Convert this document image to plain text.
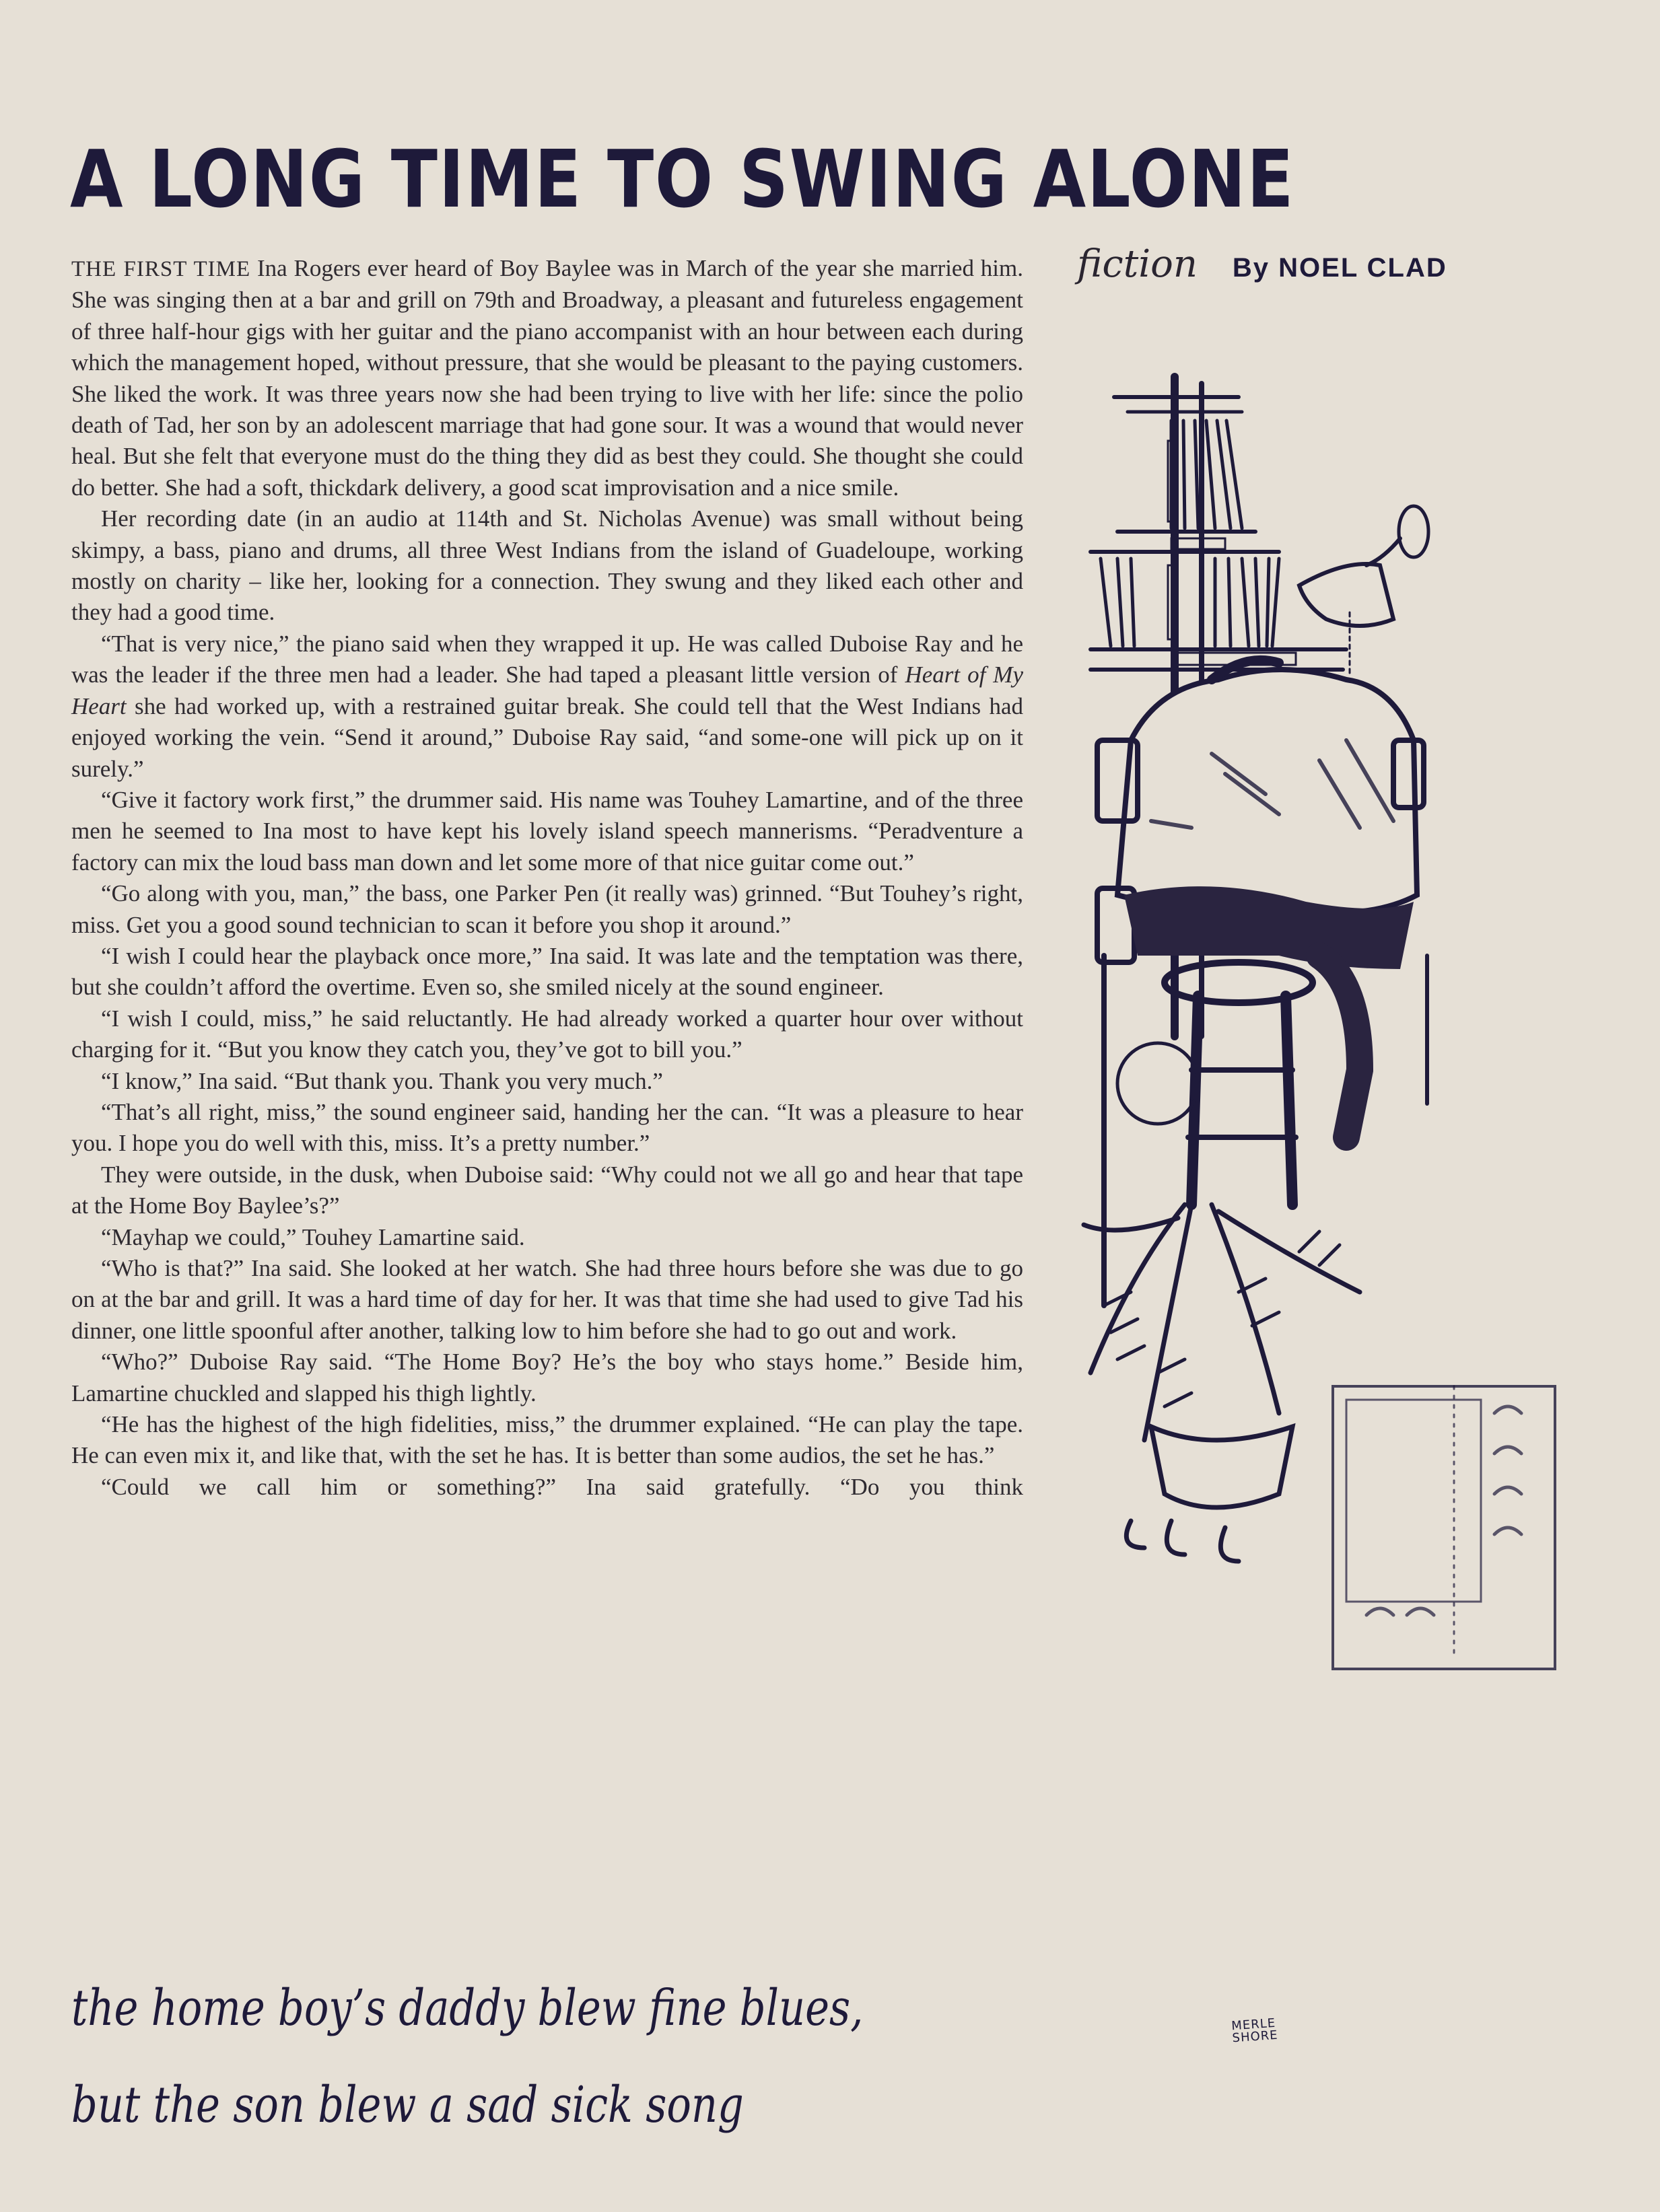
A LONG TIME TO SWING ALONE
fiction By NOEL CLAD

THE FIRST TIME Ina Rogers ever heard of Boy Baylee was in March of the year she married him. She was singing then at a bar and grill on 79th and Broadway, a pleasant and futureless engagement of three half-hour gigs with her guitar and the piano accompanist with an hour between each during which the management hoped, without pressure, that she would be pleasant to the paying customers. She liked the work. It was three years now she had been trying to live with her life: since the polio death of Tad, her son by an adolescent marriage that had gone sour. It was a wound that would never heal. But she felt that everyone must do the thing they did as best they could. She thought she could do better. She had a soft, thickdark delivery, a good scat improvisation and a nice smile.

Her recording date (in an audio at 114th and St. Nicholas Avenue) was small without being skimpy, a bass, piano and drums, all three West Indians from the island of Guadeloupe, working mostly on charity – like her, looking for a connection. They swung and they liked each other and they had a good time.

“That is very nice,” the piano said when they wrapped it up. He was called Duboise Ray and he was the leader if the three men had a leader. She had taped a pleasant little version of Heart of My Heart she had worked up, with a restrained guitar break. She could tell that the West Indians had enjoyed working the vein. “Send it around,” Duboise Ray said, “and some-one will pick up on it surely.”

“Give it factory work first,” the drummer said. His name was Touhey Lamartine, and of the three men he seemed to Ina most to have kept his lovely island speech mannerisms. “Peradventure a factory can mix the loud bass man down and let some more of that nice guitar come out.”

“Go along with you, man,” the bass, one Parker Pen (it really was) grinned. “But Touhey’s right, miss. Get you a good sound technician to scan it before you shop it around.”

“I wish I could hear the playback once more,” Ina said. It was late and the temptation was there, but she couldn’t afford the overtime. Even so, she smiled nicely at the sound engineer.

“I wish I could, miss,” he said reluctantly. He had already worked a quarter hour over without charging for it. “But you know they catch you, they’ve got to bill you.”

“I know,” Ina said. “But thank you. Thank you very much.”

“That’s all right, miss,” the sound engineer said, handing her the can. “It was a pleasure to hear you. I hope you do well with this, miss. It’s a pretty number.”

They were outside, in the dusk, when Duboise said: “Why could not we all go and hear that tape at the Home Boy Baylee’s?”

“Mayhap we could,” Touhey Lamartine said.

“Who is that?” Ina said. She looked at her watch. She had three hours before she was due to go on at the bar and grill. It was a hard time of day for her. It was that time she had used to give Tad his dinner, one little spoonful after another, talking low to him before she had to go out and work.

“Who?” Duboise Ray said. “The Home Boy? He’s the boy who stays home.” Beside him, Lamartine chuckled and slapped his thigh lightly.

“He has the highest of the high fidelities, miss,” the drummer explained. “He can play the tape. He can even mix it, and like that, with the set he has. It is better than some audios, the set he has.”

“Could we call him or something?” Ina said gratefully. “Do you think

the home boy’s daddy blew fine blues,
but the son blew a sad sick song
MERLE
SHORE
